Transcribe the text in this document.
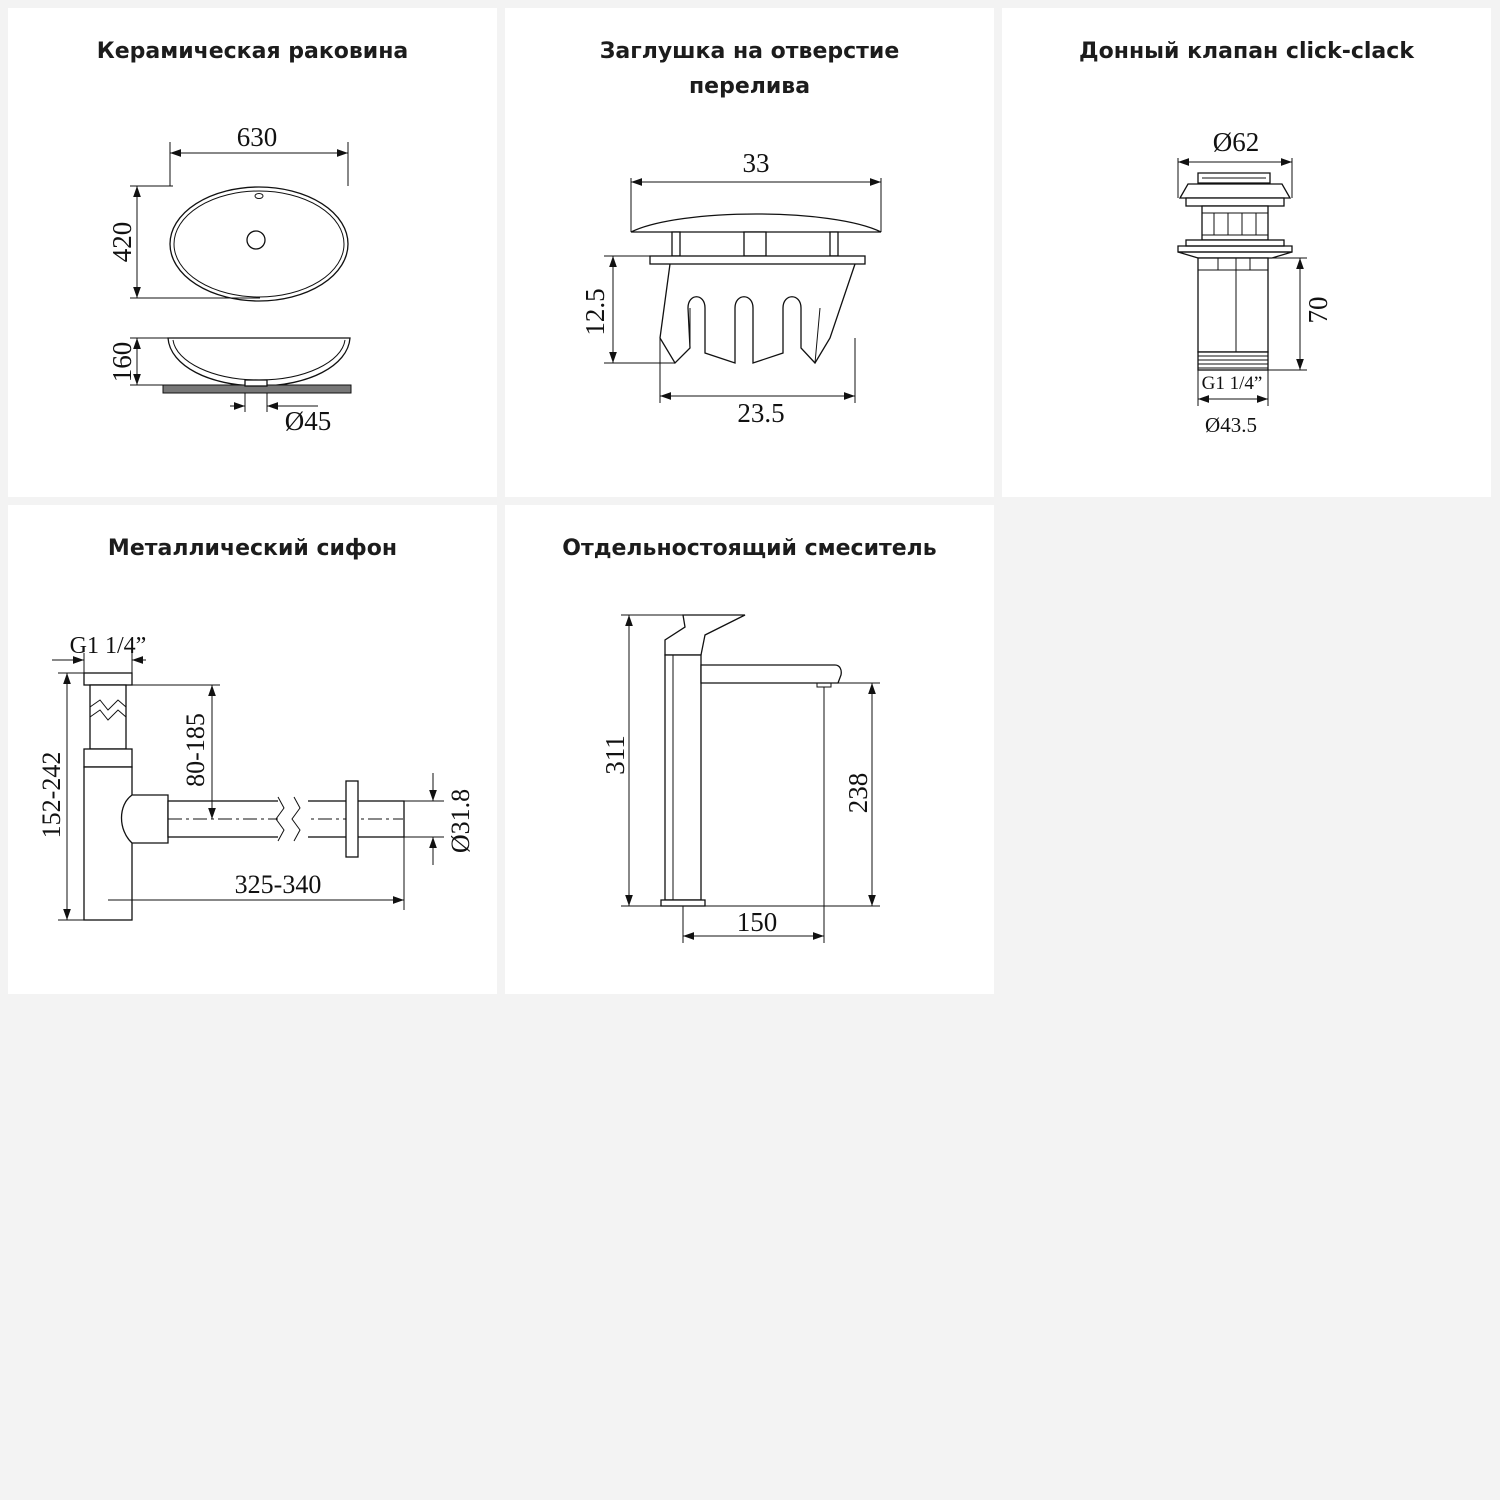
Керамическая раковина
630
420
160
Ø45
Заглушка на отверстие перелива
33
12.5
23.5
Донный клапан click-clack
Ø62
70
G1 1/4”
Ø43.5
Металлический сифон
G1 1/4”
152-242
80-185
Ø31.8
325-340
Отдельностоящий смеситель
311
238
150
